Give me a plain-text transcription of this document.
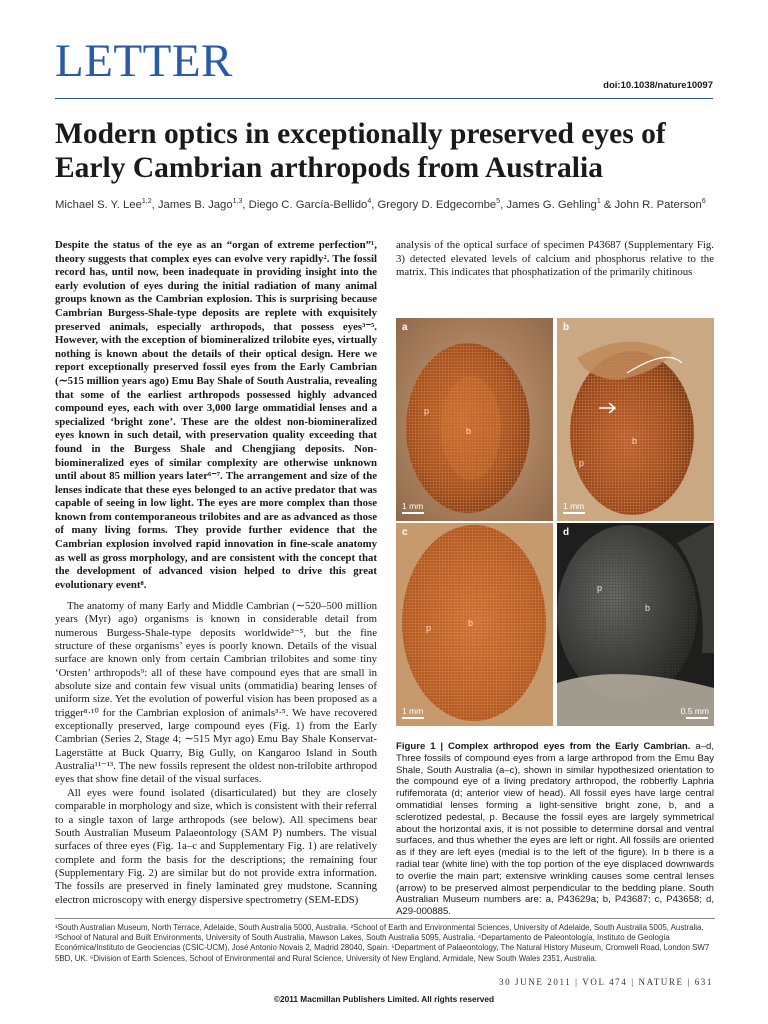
LETTER	doi:10.1038/nature10097
Modern optics in exceptionally preserved eyes of Early Cambrian arthropods from Australia
Michael S. Y. Lee$^{1,2}$, James B. Jago$^{1,3}$, Diego C. García-Bellido$^4$, Gregory D. Edgecombe$^5$, James G. Gehling$^1$ & John R. Paterson$^6$
Despite the status of the eye as an “organ of extreme perfection”¹, theory suggests that complex eyes can evolve very rapidly². The fossil record has, until now, been inadequate in providing insight into the early evolution of eyes during the initial radiation of many animal groups known as the Cambrian explosion. This is surprising because Cambrian Burgess-Shale-type deposits are replete with exquisitely preserved animals, especially arthropods, that possess eyes³⁻⁵. However, with the exception of biomineralized trilobite eyes, virtually nothing is known about the details of their optical design. Here we report exceptionally preserved fossil eyes from the Early Cambrian (∼515 million years ago) Emu Bay Shale of South Australia, revealing that some of the earliest arthropods possessed highly advanced compound eyes, each with over 3,000 large ommatidial lenses and a specialized ‘bright zone’. These are the oldest non-biomineralized eyes known in such detail, with preservation quality exceeding that found in the Burgess Shale and Chengjiang deposits. Non-biomineralized eyes of similar complexity are otherwise unknown until about 85 million years later⁶⁻⁷. The arrangement and size of the lenses indicate that these eyes belonged to an active predator that was capable of seeing in low light. The eyes are more complex than those known from contemporaneous trilobites and are as advanced as those of many living forms. They provide further evidence that the Cambrian explosion involved rapid innovation in fine-scale anatomy as well as gross morphology, and are consistent with the concept that the development of advanced vision helped to drive this great evolutionary event⁸.

The anatomy of many Early and Middle Cambrian (∼520–500 million years (Myr) ago) organisms is known in considerable detail from numerous Burgess-Shale-type deposits worldwide³⁻⁵, but the fine structure of these organisms’ eyes is poorly known. Details of the visual surface are known only from certain Cambrian trilobites and some tiny ‘Orsten’ arthropods⁹: all of these have compound eyes that are small in absolute size and contain few visual units (ommatidia) bearing lenses of uniform size. Yet the evolution of powerful vision has been proposed as a trigger⁸·¹⁰ for the Cambrian explosion of animals³·⁵. We have recovered exceptionally preserved, large compound eyes (Fig. 1) from the Early Cambrian (Series 2, Stage 4; ∼515 Myr ago) Emu Bay Shale Konservat-Lagerstätte at Buck Quarry, Big Gully, on Kangaroo Island in South Australia¹¹⁻¹³. The new fossils represent the oldest non-trilobite arthropod eyes that show fine detail of the visual surfaces.

All eyes were found isolated (disarticulated) but they are closely comparable in morphology and size, which is consistent with their referral to a single taxon of large arthropods (see below). All specimens bear South Australian Museum Palaeontology (SAM P) numbers. The visual surfaces of three eyes (Fig. 1a–c and Supplementary Fig. 1) are relatively complete and form the basis for the descriptions; the remaining four (Supplementary Fig. 2) are similar but do not provide extra information. The fossils are preserved in finely laminated grey mudstone. Scanning electron microscopy with energy dispersive spectrometry (SEM-EDS)

analysis of the optical surface of specimen P43687 (Supplementary Fig. 3) detected elevated levels of calcium and phosphorus relative to the matrix. This indicates that phosphatization of the primarily chitinous
a
p
b
1 mm
b
b
p
1 mm
c
p	b
1 mm
d
p
b
0.5 mm
Figure 1 | Complex arthropod eyes from the Early Cambrian. a–d, Three fossils of compound eyes from a large arthropod from the Emu Bay Shale, South Australia (a–c), shown in similar hypothesized orientation to the compound eye of a living predatory arthropod, the robberfly Laphria rufifemorata (d; anterior view of head). All fossil eyes have large central ommatidial lenses forming a light-sensitive bright zone, b, and a sclerotized pedestal, p. Because the fossil eyes are largely symmetrical about the horizontal axis, it is not possible to determine dorsal and ventral surfaces, and thus whether the eyes are left or right. All fossils are oriented as if they are left eyes (medial is to the left of the figure). In b there is a radial tear (white line) with the top portion of the eye displaced downwards to overlie the main part; extensive wrinkling causes some central lenses (arrow) to be preserved almost perpendicular to the bedding plane. South Australian Museum numbers are: a, P43629a; b, P43687; c, P43658; d, A29-000885.
¹South Australian Museum, North Terrace, Adelaide, South Australia 5000, Australia. ²School of Earth and Environmental Sciences, University of Adelaide, South Australia 5005, Australia. ³School of Natural and Built Environments, University of South Australia, Mawson Lakes, South Australia 5095, Australia. ⁴Departamento de Paleontología, Instituto de Geología Económica/Instituto de Geociencias (CSIC-UCM), José Antonio Novais 2, Madrid 28040, Spain. ⁵Department of Palaeontology, The Natural History Museum, Cromwell Road, London SW7 5BD, UK. ⁶Division of Earth Sciences, School of Environmental and Rural Science, University of New England, Armidale, New South Wales 2351, Australia.
30 JUNE 2011 | VOL 474 | NATURE | 631
©2011 Macmillan Publishers Limited. All rights reserved
